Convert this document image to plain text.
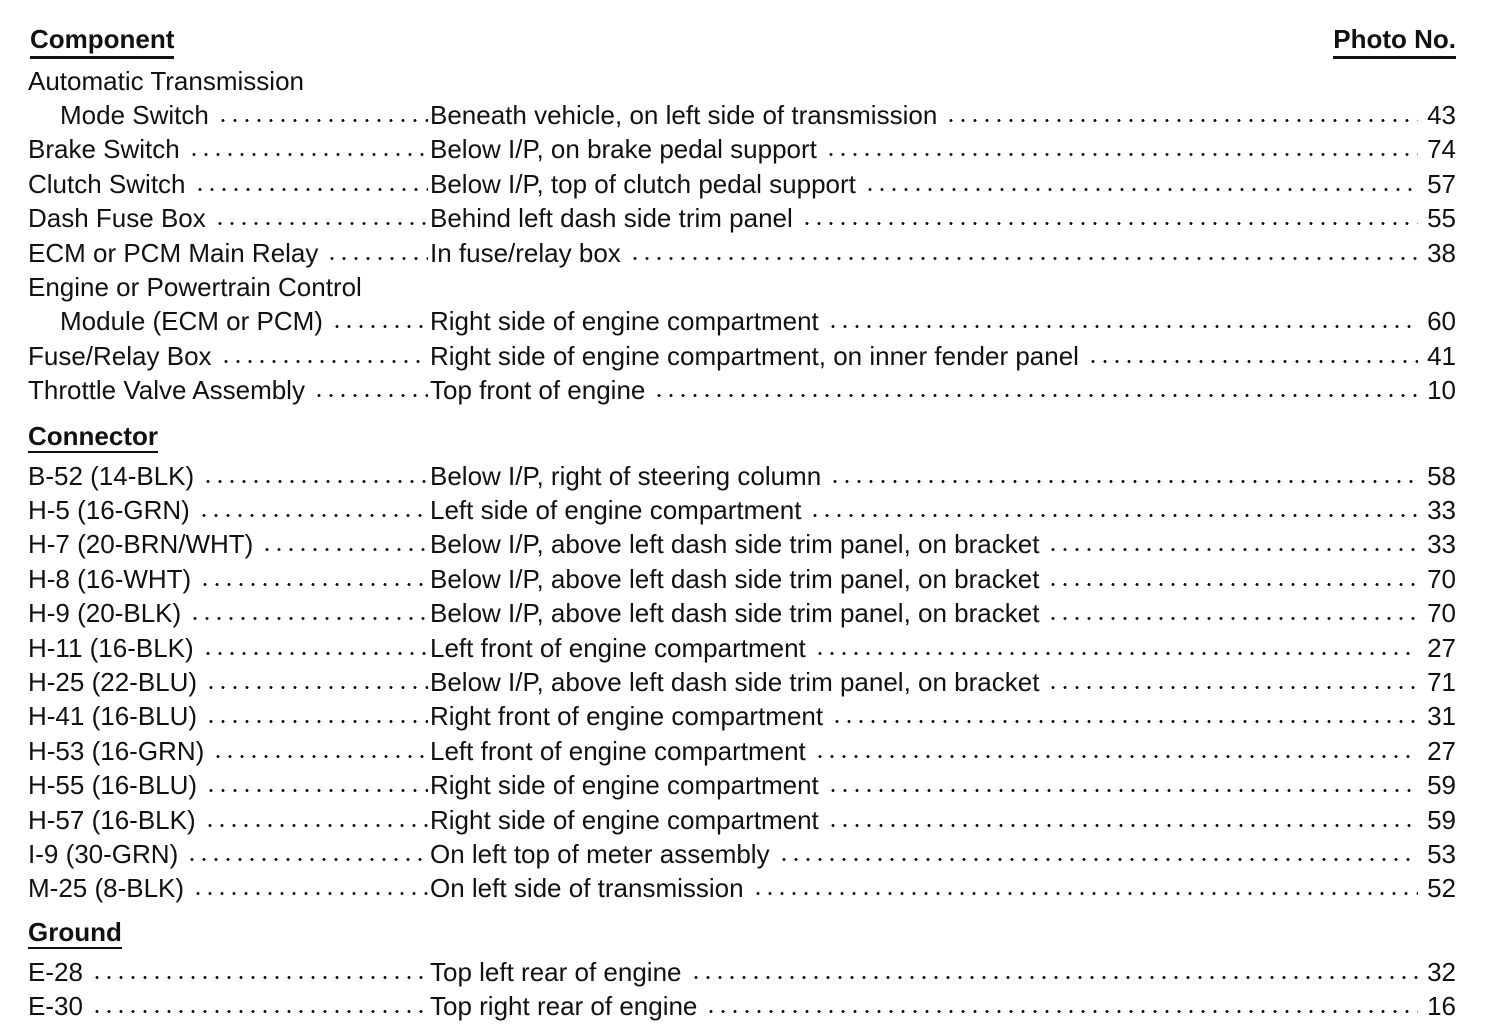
Component	Photo No.
Automatic Transmission
Mode Switch	Beneath vehicle, on left side of transmission	43
Brake Switch	Below I/P, on brake pedal support	74
Clutch Switch	Below I/P, top of clutch pedal support	57
Dash Fuse Box	Behind left dash side trim panel	55
ECM or PCM Main Relay	In fuse/relay box	38
Engine or Powertrain Control
Module (ECM or PCM)	Right side of engine compartment	60
Fuse/Relay Box	Right side of engine compartment, on inner fender panel	41
Throttle Valve Assembly	Top front of engine	10
Connector
B-52 (14-BLK)	Below I/P, right of steering column	58
H-5 (16-GRN)	Left side of engine compartment	33
H-7 (20-BRN/WHT)	Below I/P, above left dash side trim panel, on bracket	33
H-8 (16-WHT)	Below I/P, above left dash side trim panel, on bracket	70
H-9 (20-BLK)	Below I/P, above left dash side trim panel, on bracket	70
H-11 (16-BLK)	Left front of engine compartment	27
H-25 (22-BLU)	Below I/P, above left dash side trim panel, on bracket	71
H-41 (16-BLU)	Right front of engine compartment	31
H-53 (16-GRN)	Left front of engine compartment	27
H-55 (16-BLU)	Right side of engine compartment	59
H-57 (16-BLK)	Right side of engine compartment	59
I-9 (30-GRN)	On left top of meter assembly	53
M-25 (8-BLK)	On left side of transmission	52
Ground
E-28	Top left rear of engine	32
E-30	Top right rear of engine	16
